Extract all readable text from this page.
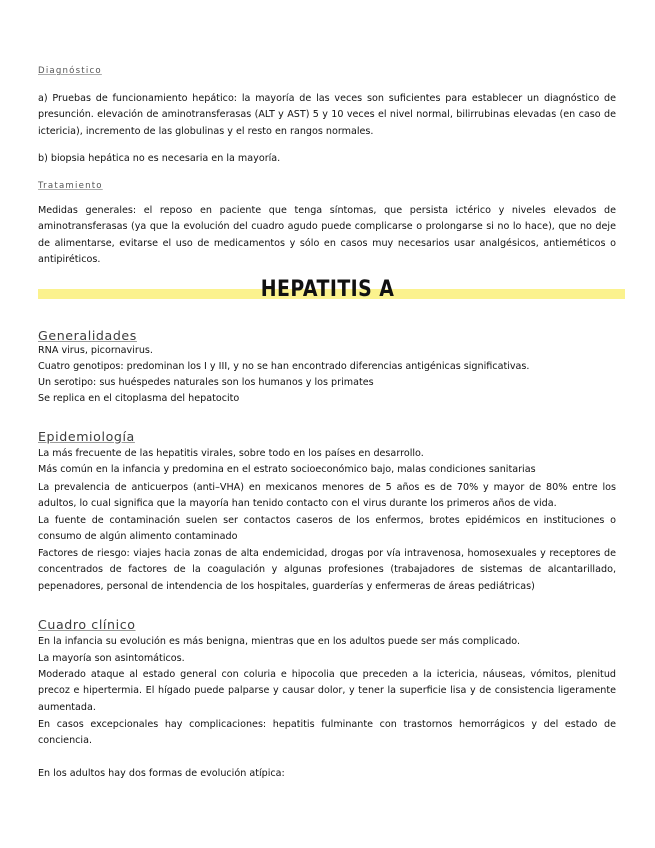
Diagnóstico

a) Pruebas de funcionamiento hepático: la mayoría de las veces son suficientes para establecer un diagnóstico de presunción. elevación de aminotransferasas (ALT y AST) 5 y 10 veces el nivel normal, bilirrubinas elevadas (en caso de ictericia), incremento de las globulinas y el resto en rangos normales.

b) biopsia hepática no es necesaria en la mayoría.

Tratamiento

Medidas generales: el reposo en paciente que tenga síntomas, que persista ictérico y niveles elevados de aminotransferasas (ya que la evolución del cuadro agudo puede complicarse o prolongarse si no lo hace), que no deje de alimentarse, evitarse el uso de medicamentos y sólo en casos muy necesarios usar analgésicos, antieméticos o antipiréticos.

HEPATITIS A
Generalidades

RNA virus, picornavirus.

Cuatro genotipos: predominan los I y III, y no se han encontrado diferencias antigénicas significativas.

Un serotipo: sus huéspedes naturales son los humanos y los primates

Se replica en el citoplasma del hepatocito

Epidemiología

La más frecuente de las hepatitis virales, sobre todo en los países en desarrollo.

Más común en la infancia y predomina en el estrato socioeconómico bajo, malas condiciones sanitarias

La prevalencia de anticuerpos (anti–VHA) en mexicanos menores de 5 años es de 70% y mayor de 80% entre los adultos, lo cual significa que la mayoría han tenido contacto con el virus durante los primeros años de vida.

La fuente de contaminación suelen ser contactos caseros de los enfermos, brotes epidémicos en instituciones o consumo de algún alimento contaminado

Factores de riesgo: viajes hacia zonas de alta endemicidad, drogas por vía intravenosa, homosexuales y receptores de concentrados de factores de la coagulación y algunas profesiones (trabajadores de sistemas de alcantarillado, pepenadores, personal de intendencia de los hospitales, guarderías y enfermeras de áreas pediátricas)

Cuadro clínico

En la infancia su evolución es más benigna, mientras que en los adultos puede ser más complicado.

La mayoría son asintomáticos.

Moderado ataque al estado general con coluria e hipocolia que preceden a la ictericia, náuseas, vómitos, plenitud precoz e hipertermia. El hígado puede palparse y causar dolor, y tener la superficie lisa y de consistencia ligeramente aumentada.

En casos excepcionales hay complicaciones: hepatitis fulminante con trastornos hemorrágicos y del estado de conciencia.

En los adultos hay dos formas de evolución atípica:
